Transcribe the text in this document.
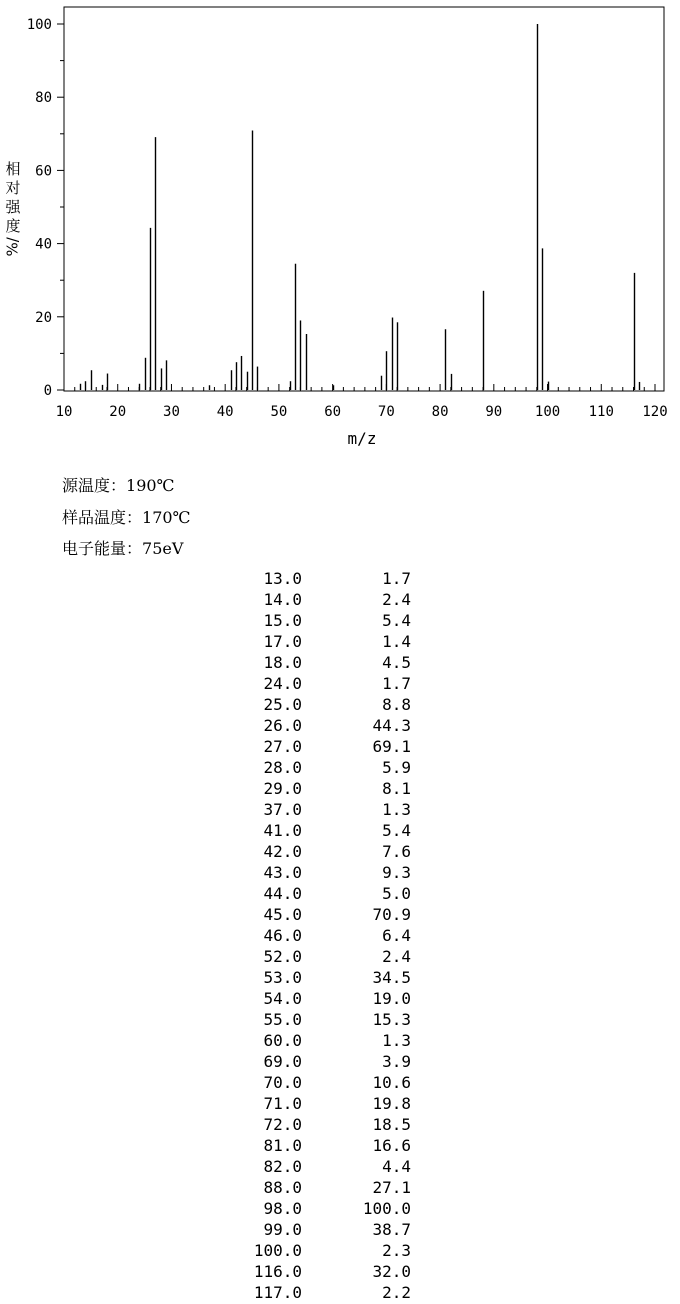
10	20	30	40	50	60	70	80	90 100 110 120
0
20
40
60
80
100
m/z
相
对
强
度
%/
源温度：190℃
样品温度：170℃
电子能量：75eV
13.0	1.7
14.0	2.4
15.0	5.4
17.0	1.4
18.0	4.5
24.0	1.7
25.0	8.8
26.0	44.3
27.0	69.1
28.0	5.9
29.0	8.1
37.0	1.3
41.0	5.4
42.0	7.6
43.0	9.3
44.0	5.0
45.0	70.9
46.0	6.4
52.0	2.4
53.0	34.5
54.0	19.0
55.0	15.3
60.0	1.3
69.0	3.9
70.0	10.6
71.0	19.8
72.0	18.5
81.0	16.6
82.0	4.4
88.0	27.1
98.0	100.0
99.0	38.7
100.0	2.3
116.0	32.0
117.0	2.2
